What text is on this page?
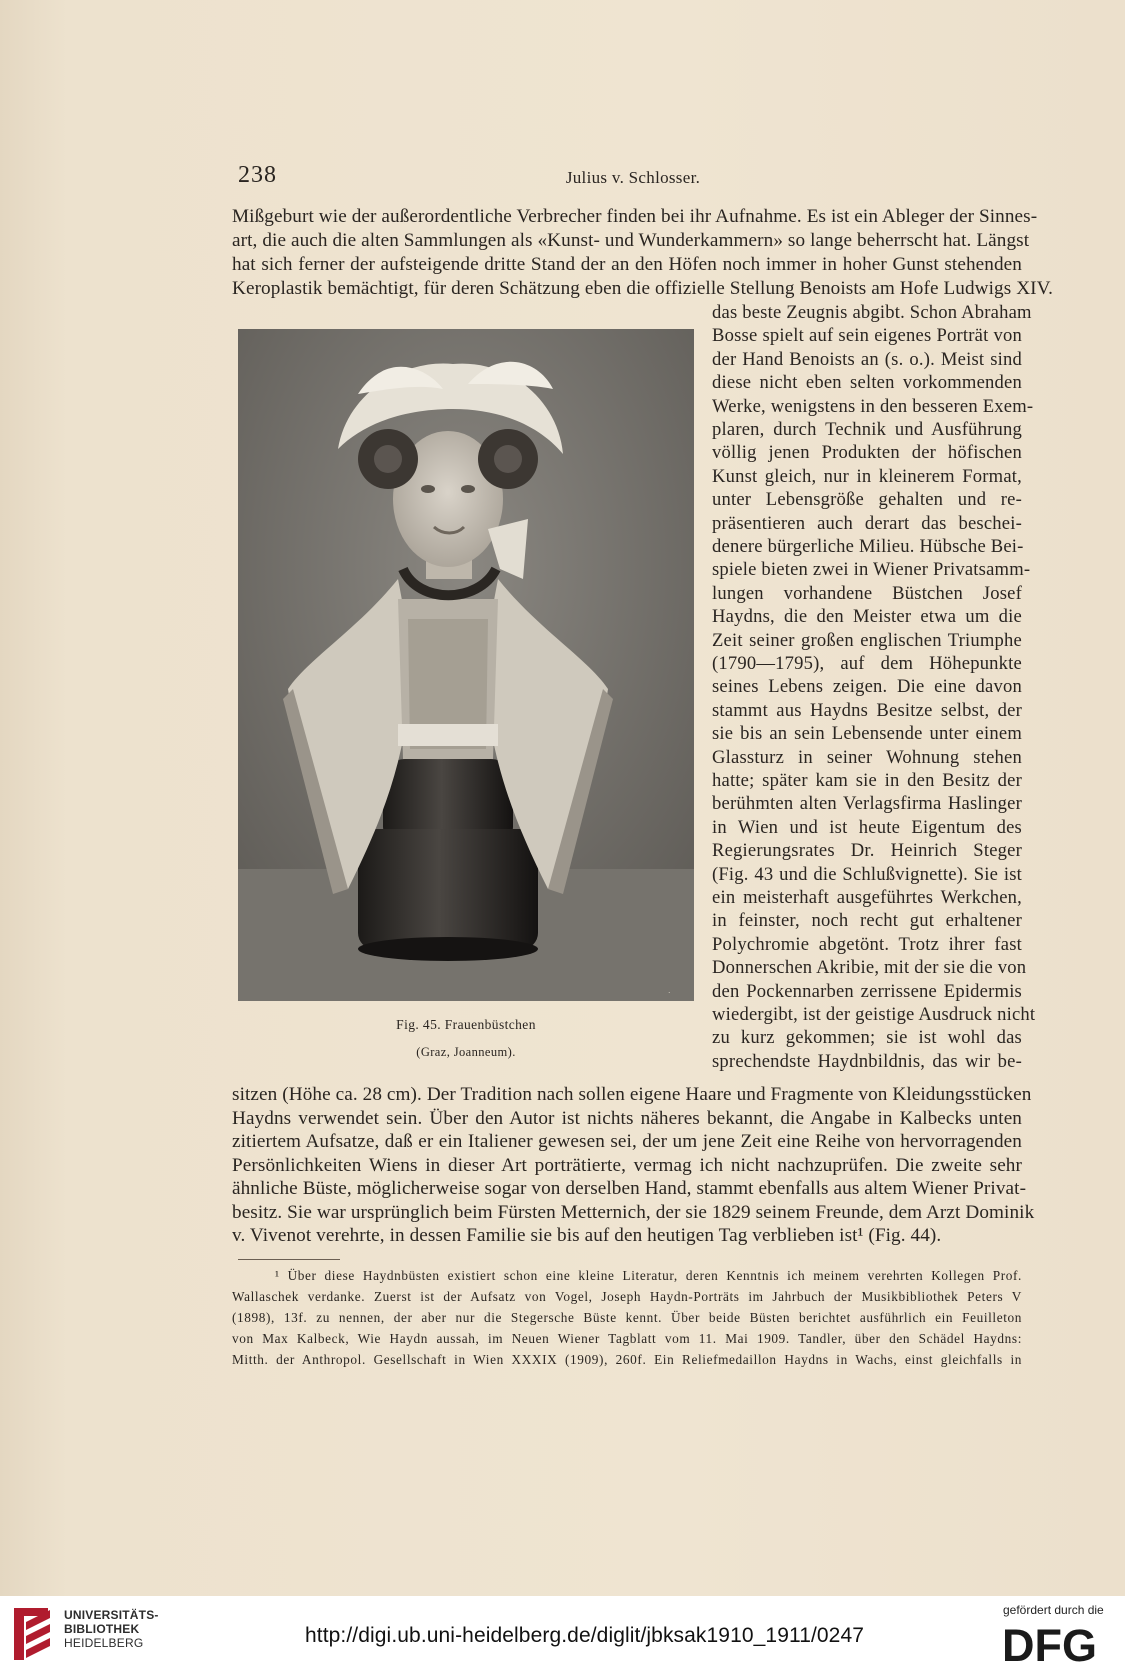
238	Julius v. Schlosser.
Mißgeburt wie der außerordentliche Verbrecher finden bei ihr Aufnahme. Es ist ein Ableger der Sinnes-
art, die auch die alten Sammlungen als «Kunst- und Wunderkammern» so lange beherrscht hat. Längst
hat sich ferner der aufsteigende dritte Stand der an den Höfen noch immer in hoher Gunst stehenden
Keroplastik bemächtigt, für deren Schätzung eben die offizielle Stellung Benoists am Hofe Ludwigs XIV.
das beste Zeugnis abgibt. Schon Abraham
Bosse spielt auf sein eigenes Porträt von
der Hand Benoists an (s. o.). Meist sind
diese nicht eben selten vorkommenden
Werke, wenigstens in den besseren Exem-
plaren, durch Technik und Ausführung
völlig jenen Produkten der höfischen
Kunst gleich, nur in kleinerem Format,
unter Lebensgröße gehalten und re-
präsentieren auch derart das beschei-
denere bürgerliche Milieu. Hübsche Bei-
spiele bieten zwei in Wiener Privatsamm-
lungen vorhandene Büstchen Josef
Haydns, die den Meister etwa um die
Zeit seiner großen englischen Triumphe
(1790—1795), auf dem Höhepunkte
seines Lebens zeigen. Die eine davon
stammt aus Haydns Besitze selbst, der
sie bis an sein Lebensende unter einem
Glassturz in seiner Wohnung stehen
hatte; später kam sie in den Besitz der
berühmten alten Verlagsfirma Haslinger
in Wien und ist heute Eigentum des
Regierungsrates Dr. Heinrich Steger
(Fig. 43 und die Schlußvignette). Sie ist
ein meisterhaft ausgeführtes Werkchen,
in feinster, noch recht gut erhaltener
Polychromie abgetönt. Trotz ihrer fast
Donnerschen Akribie, mit der sie die von
den Pockennarben zerrissene Epidermis
wiedergibt, ist der geistige Ausdruck nicht
zu kurz gekommen; sie ist wohl das
sprechendste Haydnbildnis, das wir be-
.
Fig. 45. Frauenbüstchen
(Graz, Joanneum).
sitzen (Höhe ca. 28 cm). Der Tradition nach sollen eigene Haare und Fragmente von Kleidungsstücken
Haydns verwendet sein. Über den Autor ist nichts näheres bekannt, die Angabe in Kalbecks unten
zitiertem Aufsatze, daß er ein Italiener gewesen sei, der um jene Zeit eine Reihe von hervorragenden
Persönlichkeiten Wiens in dieser Art porträtierte, vermag ich nicht nachzuprüfen. Die zweite sehr
ähnliche Büste, möglicherweise sogar von derselben Hand, stammt ebenfalls aus altem Wiener Privat-
besitz. Sie war ursprünglich beim Fürsten Metternich, der sie 1829 seinem Freunde, dem Arzt Dominik
v. Vivenot verehrte, in dessen Familie sie bis auf den heutigen Tag verblieben ist¹ (Fig. 44).
¹ Über diese Haydnbüsten existiert schon eine kleine Literatur, deren Kenntnis ich meinem verehrten Kollegen Prof.
Wallaschek verdanke. Zuerst ist der Aufsatz von Vogel, Joseph Haydn-Porträts im Jahrbuch der Musikbibliothek Peters V
(1898), 13f. zu nennen, der aber nur die Stegersche Büste kennt. Über beide Büsten berichtet ausführlich ein Feuilleton
von Max Kalbeck, Wie Haydn aussah, im Neuen Wiener Tagblatt vom 11. Mai 1909. Tandler, über den Schädel Haydns:
Mitth. der Anthropol. Gesellschaft in Wien XXXIX (1909), 260f. Ein Reliefmedaillon Haydns in Wachs, einst gleichfalls in
UNIVERSITÄTS-
BIBLIOTHEK
HEIDELBERG	http://digi.ub.uni-heidelberg.de/diglit/jbksak1910_1911/0247
gefördert durch die
DFG
